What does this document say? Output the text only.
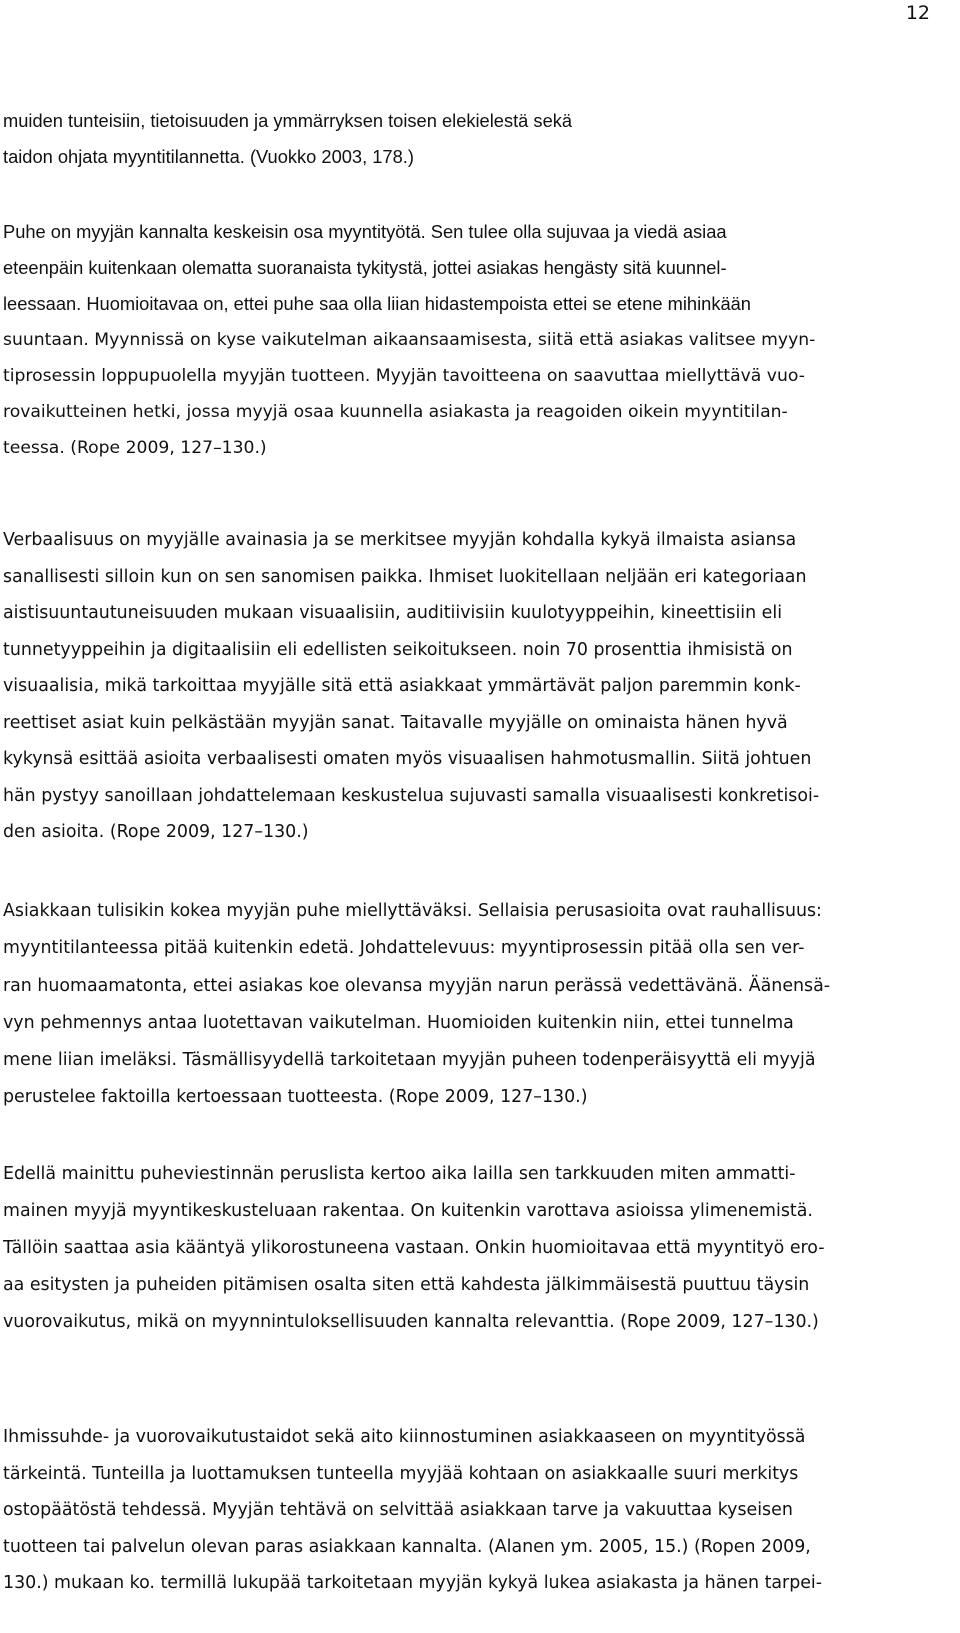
12
muiden tunteisiin, tietoisuuden ja ymmärryksen toisen elekielestä sekä
taidon ohjata myyntitilannetta. (Vuokko 2003, 178.)
Puhe on myyjän kannalta keskeisin osa myyntityötä. Sen tulee olla sujuvaa ja viedä asiaa
eteenpäin kuitenkaan olematta suoranaista tykitystä, jottei asiakas hengästy sitä kuunnel-
leessaan. Huomioitavaa on, ettei puhe saa olla liian hidastempoista ettei se etene mihinkään
suuntaan. Myynnissä on kyse vaikutelman aikaansaamisesta, siitä että asiakas valitsee myyn-
tiprosessin loppupuolella myyjän tuotteen. Myyjän tavoitteena on saavuttaa miellyttävä vuo-
rovaikutteinen hetki, jossa myyjä osaa kuunnella asiakasta ja reagoiden oikein myyntitilan-
teessa. (Rope 2009, 127–130.)
Verbaalisuus on myyjälle avainasia ja se merkitsee myyjän kohdalla kykyä ilmaista asiansa
sanallisesti silloin kun on sen sanomisen paikka. Ihmiset luokitellaan neljään eri kategoriaan
aistisuuntautuneisuuden mukaan visuaalisiin, auditiivisiin kuulotyyppeihin, kineettisiin eli
tunnetyyppeihin ja digitaalisiin eli edellisten seikoitukseen. noin 70 prosenttia ihmisistä on
visuaalisia, mikä tarkoittaa myyjälle sitä että asiakkaat ymmärtävät paljon paremmin konk-
reettiset asiat kuin pelkästään myyjän sanat. Taitavalle myyjälle on ominaista hänen hyvä
kykynsä esittää asioita verbaalisesti omaten myös visuaalisen hahmotusmallin. Siitä johtuen
hän pystyy sanoillaan johdattelemaan keskustelua sujuvasti samalla visuaalisesti konkretisoi-
den asioita. (Rope 2009, 127–130.)
Asiakkaan tulisikin kokea myyjän puhe miellyttäväksi. Sellaisia perusasioita ovat rauhallisuus:
myyntitilanteessa pitää kuitenkin edetä. Johdattelevuus: myyntiprosessin pitää olla sen ver-
ran huomaamatonta, ettei asiakas koe olevansa myyjän narun perässä vedettävänä. Äänensä-
vyn pehmennys antaa luotettavan vaikutelman. Huomioiden kuitenkin niin, ettei tunnelma
mene liian imeläksi. Täsmällisyydellä tarkoitetaan myyjän puheen todenperäisyyttä eli myyjä
perustelee faktoilla kertoessaan tuotteesta. (Rope 2009, 127–130.)
Edellä mainittu puheviestinnän peruslista kertoo aika lailla sen tarkkuuden miten ammatti-
mainen myyjä myyntikeskusteluaan rakentaa. On kuitenkin varottava asioissa ylimenemistä.
Tällöin saattaa asia kääntyä ylikorostuneena vastaan. Onkin huomioitavaa että myyntityö ero-
aa esitysten ja puheiden pitämisen osalta siten että kahdesta jälkimmäisestä puuttuu täysin
vuorovaikutus, mikä on myynnintuloksellisuuden kannalta relevanttia. (Rope 2009, 127–130.)
Ihmissuhde- ja vuorovaikutustaidot sekä aito kiinnostuminen asiakkaaseen on myyntityössä
tärkeintä. Tunteilla ja luottamuksen tunteella myyjää kohtaan on asiakkaalle suuri merkitys
ostopäätöstä tehdessä. Myyjän tehtävä on selvittää asiakkaan tarve ja vakuuttaa kyseisen
tuotteen tai palvelun olevan paras asiakkaan kannalta. (Alanen ym. 2005, 15.) (Ropen 2009,
130.) mukaan ko. termillä lukupää tarkoitetaan myyjän kykyä lukea asiakasta ja hänen tarpei-
